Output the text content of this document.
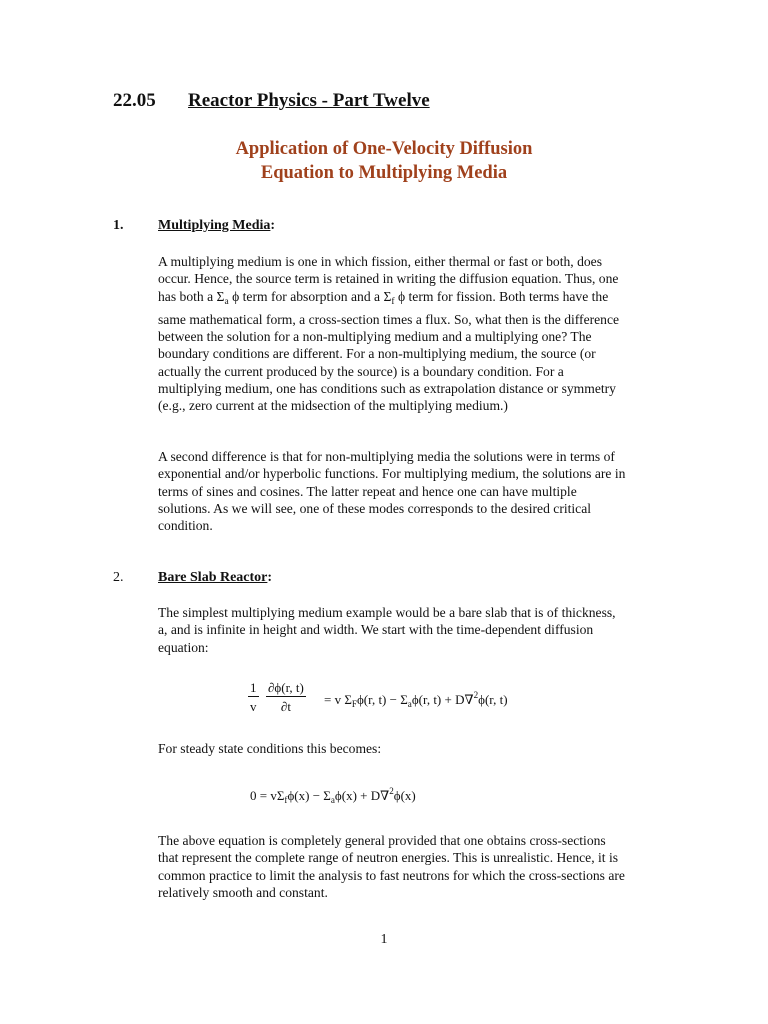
22.05 Reactor Physics - Part Twelve
Application of One-Velocity Diffusion
Equation to Multiplying Media
1. Multiplying Media:
A multiplying medium is one in which fission, either thermal or fast or both, does occur. Hence, the source term is retained in writing the diffusion equation. Thus, one has both a $\Sigma_a$ ϕ term for absorption and a $\Sigma_f$ ϕ term for fission. Both terms have the same mathematical form, a cross-section times a flux. So, what then is the difference between the solution for a non-multiplying medium and a multiplying one? The boundary conditions are different. For a non-multiplying medium, the source (or actually the current produced by the source) is a boundary condition. For a multiplying medium, one has conditions such as extrapolation distance or symmetry (e.g., zero current at the midsection of the multiplying medium.)
A second difference is that for non-multiplying media the solutions were in terms of exponential and/or hyperbolic functions. For multiplying medium, the solutions are in terms of sines and cosines. The latter repeat and hence one can have multiple solutions. As we will see, one of these modes corresponds to the desired critical condition.
2. Bare Slab Reactor:
The simplest multiplying medium example would be a bare slab that is of thickness, a, and is infinite in height and width. We start with the time-dependent diffusion equation:
$\frac{1}{v} \frac{\partial\phi(r, t)}{\partial t} = v$ $\Sigma_F\phi(r$, $t) - \Sigma_a\phi(r$, t) + D∇$^2$ϕ(r, t)
For steady state conditions this becomes:
$0 = v\Sigma_f\phi(x) - \Sigma_a\phi(x) + D\nabla^2\phi(x)$
The above equation is completely general provided that one obtains cross-sections that represent the complete range of neutron energies. This is unrealistic. Hence, it is common practice to limit the analysis to fast neutrons for which the cross-sections are relatively smooth and constant.
1
